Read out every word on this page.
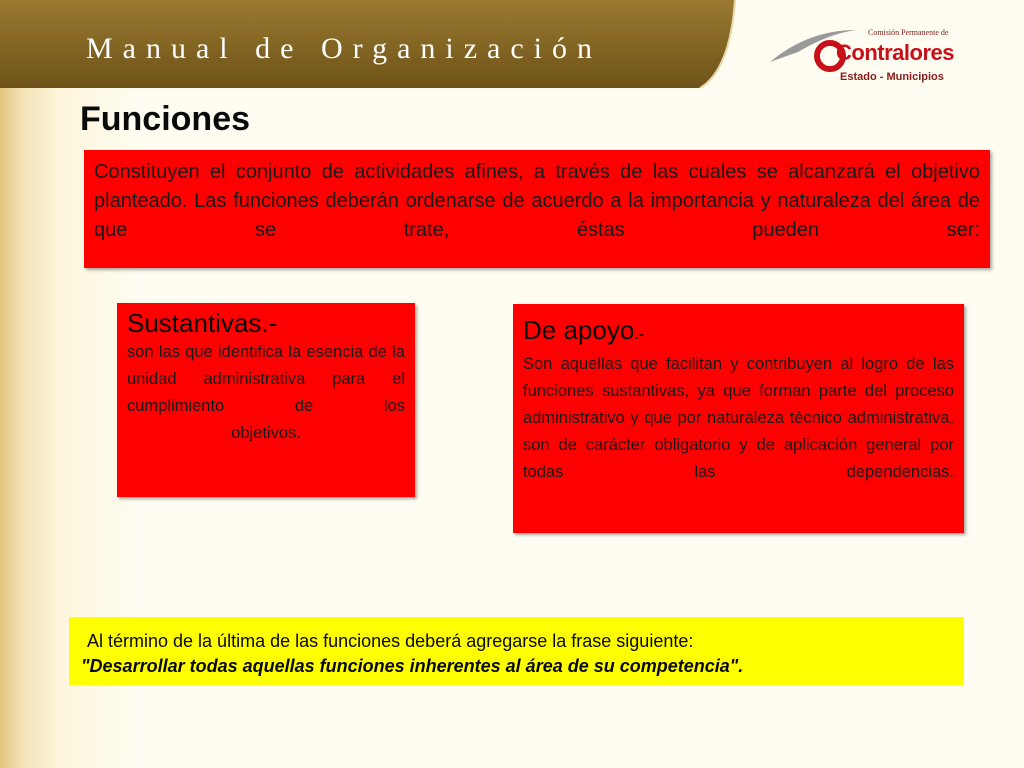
Manual de Organización	Comisión Permanente de
Contralores
Estado - Municipios
Funciones
Constituyen el conjunto de actividades afines, a través de las cuales se alcanzará el objetivo planteado. Las funciones deberán ordenarse de acuerdo a la importancia y naturaleza del área de que se trate, éstas pueden ser:
Sustantivas.-
son las que identifica la esencia de la unidad administrativa para el cumplimiento de los
objetivos.
De apoyo.-
Son aquellas que facilitan y contribuyen al logro de las funciones sustantivas, ya que forman parte del proceso administrativo y que por naturaleza técnico administrativa, son de carácter obligatorio y de aplicación general por todas las dependencias.
Al término de la última de las funciones deberá agregarse la frase siguiente:
"Desarrollar todas aquellas funciones inherentes al área de su competencia".
